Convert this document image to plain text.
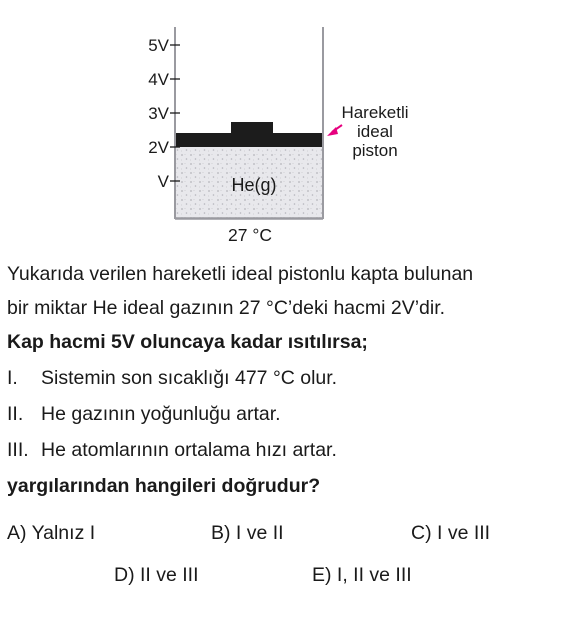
5V
4V
3V
2V
V	He(g)
27 °C
Hareketli
ideal
piston
Yukarıda verilen hareketli ideal pistonlu kapta bulunan
bir miktar He ideal gazının 27 °C’deki hacmi 2V’dir.
Kap hacmi 5V oluncaya kadar ısıtılırsa;
I. Sistemin son sıcaklığı 477 °C olur.
II. He gazının yoğunluğu artar.
III. He atomlarının ortalama hızı artar.
yargılarından hangileri doğrudur?
A) Yalnız I	B) I ve II	C) I ve III
D) II ve III	E) I, II ve III
